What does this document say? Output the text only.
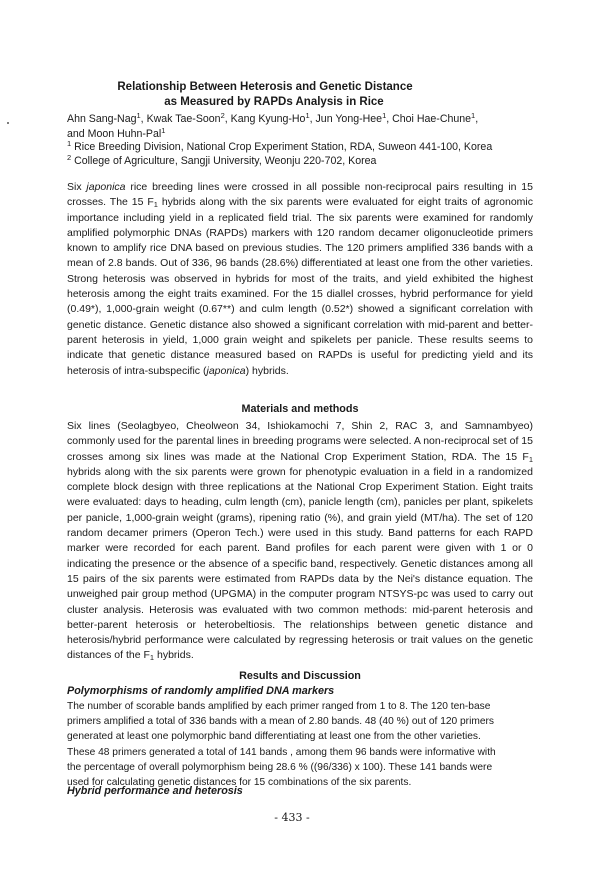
Relationship Between Heterosis and Genetic Distance
as Measured by RAPDs Analysis in Rice
Ahn Sang-Nag$^1$, Kwak Tae-Soon$^2$, Kang Kyung-Ho$^1$, Jun Yong-Hee$^1$, Choi Hae-Chune$^1$,
and Moon Huhn-Pal$^1$
$^1$ Rice Breeding Division, National Crop Experiment Station, RDA, Suweon 441-100, Korea
$^2$ College of Agriculture, Sangji University, Weonju 220-702, Korea

Six japonica rice breeding lines were crossed in all possible non-reciprocal pairs resulting in 15 crosses. The 15 $F_1$ hybrids along with the six parents were evaluated for eight traits of agronomic importance including yield in a replicated field trial. The six parents were examined for randomly amplified polymorphic DNAs (RAPDs) markers with 120 random decamer oligonucleotide primers known to amplify rice DNA based on previous studies. The 120 primers amplified 336 bands with a mean of 2.8 bands. Out of 336, 96 bands (28.6%) differentiated at least one from the other varieties. Strong heterosis was observed in hybrids for most of the traits, and yield exhibited the highest heterosis among the eight traits examined. For the 15 diallel crosses, hybrid performance for yield (0.49*), 1,000-grain weight (0.67**) and culm length (0.52*) showed a significant correlation with genetic distance. Genetic distance also showed a significant correlation with mid-parent and better-parent heterosis in yield, 1,000 grain weight and spikelets per panicle. These results seems to indicate that genetic distance measured based on RAPDs is useful for predicting yield and its heterosis of intra-subspecific (japonica) hybrids.

Materials and methods

Six lines (Seolagbyeo, Cheolweon 34, Ishiokamochi 7, Shin 2, RAC 3, and Samnambyeo) commonly used for the parental lines in breeding programs were selected. A non-reciprocal set of 15 crosses among six lines was made at the National Crop Experiment Station, RDA. The 15 $F_1$ hybrids along with the six parents were grown for phenotypic evaluation in a field in a randomized complete block design with three replications at the National Crop Experiment Station. Eight traits were evaluated: days to heading, culm length (cm), panicle length (cm), panicles per plant, spikelets per panicle, 1,000-grain weight (grams), ripening ratio (%), and grain yield (MT/ha). The set of 120 random decamer primers (Operon Tech.) were used in this study. Band patterns for each RAPD marker were recorded for each parent. Band profiles for each parent were given with 1 or 0 indicating the presence or the absence of a specific band, respectively. Genetic distances among all 15 pairs of the six parents were estimated from RAPDs data by the Nei's distance equation. The unweighed pair group method (UPGMA) in the computer program NTSYS-pc was used to carry out cluster analysis. Heterosis was evaluated with two common methods: mid-parent heterosis and better-parent heterosis or heterobeltiosis. The relationships between genetic distance and heterosis/hybrid performance were calculated by regressing heterosis or trait values on the genetic distances of the $F_1$ hybrids.

Results and Discussion
Polymorphisms of randomly amplified DNA markers

The number of scorable bands amplified by each primer ranged from 1 to 8. The 120 ten-base primers amplified a total of 336 bands with a mean of 2.80 bands. 48 (40 %) out of 120 primers generated at least one polymorphic band differentiating at least one from the other varieties. These 48 primers generated a total of 141 bands , among them 96 bands were informative with the percentage of overall polymorphism being 28.6 % ((96/336) x 100). These 141 bands were used for calculating genetic distances for 15 combinations of the six parents.

Hybrid performance and heterosis
- 433 -
